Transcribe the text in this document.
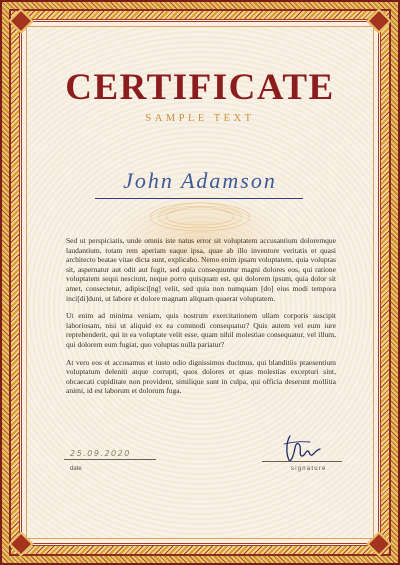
CERTIFICATE
SAMPLE TEXT
John Adamson

Sed ut perspiciatis, unde omnis iste natus error sit voluptatem accusantium doloremque laudantium, totam rem aperiam eaque ipsa, quae ab illo inventore veritatis et quasi architecto beatae vitae dicta sunt, explicabo. Nemo enim ipsam voluptatem, quia voluptas sit, aspernatur aut odit aut fugit, sed quia consequuntur magni dolores eos, qui ratione voluptatem sequi nesciunt, neque porro quisquam est, qui dolorem ipsum, quia dolor sit amet, consectetur, adipisci[ng] velit, sed quia non numquam [do] eius modi tempora inci[di]dunt, ut labore et dolore magnam aliquam quaerat voluptatem.

Ut enim ad minima veniam, quis nostrum exercitationem ullam corporis suscipit laboriosam, nisi ut aliquid ex ea commodi consequatur? Quis autem vel eum iure reprehenderit, qui in ea voluptate velit esse, quam nihil molestiae consequatur, vel illum, qui dolorem eum fugiat, quo voluptas nulla pariatur?

At vero eos et accusamus et iusto odio dignissimos ducimus, qui blanditiis praesentium voluptatum deleniti atque corrupti, quos dolores et quas molestias excepturi sint, obcaecati cupiditate non provident, similique sunt in culpa, qui officia deserunt mollitia animi, id est laborum et dolorum fuga.

25.09.2020
date	signature
